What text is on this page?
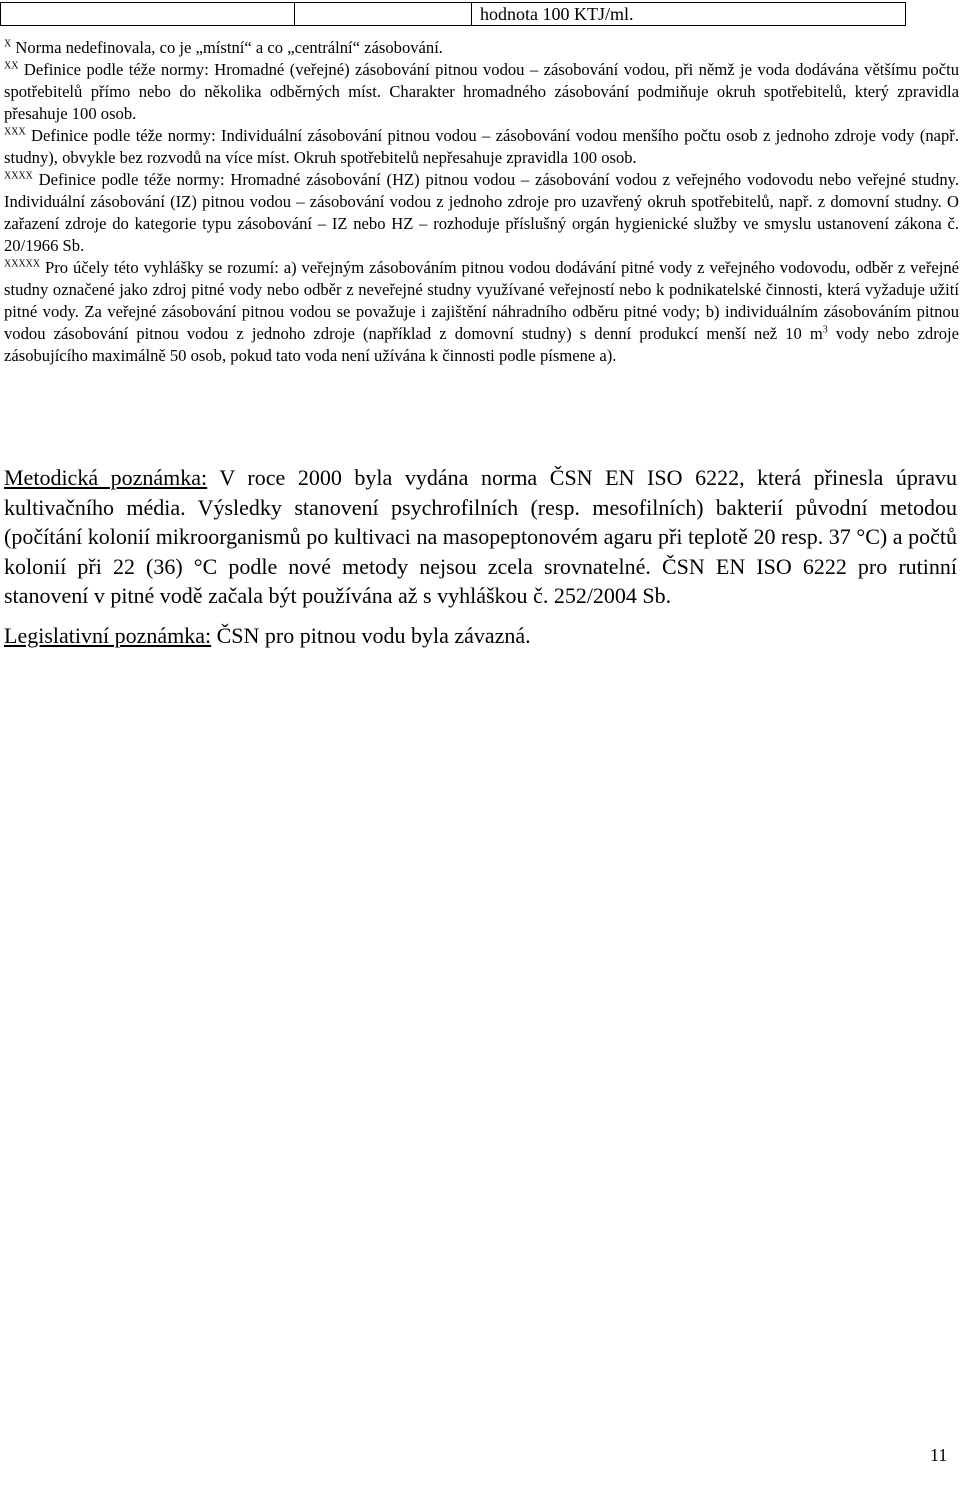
		hodnota 100 KTJ/ml.

$^X$ Norma nedefinovala, co je „místní“ a co „centrální“ zásobování.

$^{XX}$ Definice podle téže normy: Hromadné (veřejné) zásobování pitnou vodou – zásobování vodou, při němž je voda dodávána většímu počtu spotřebitelů přímo nebo do několika odběrných míst. Charakter hromadného zásobování podmiňuje okruh spotřebitelů, který zpravidla přesahuje 100 osob.

$^{XXX}$ Definice podle téže normy: Individuální zásobování pitnou vodou – zásobování vodou menšího počtu osob z jednoho zdroje vody (např. studny), obvykle bez rozvodů na více míst. Okruh spotřebitelů nepřesahuje zpravidla 100 osob.

$^{XXXX}$ Definice podle téže normy: Hromadné zásobování (HZ) pitnou vodou – zásobování vodou z veřejného vodovodu nebo veřejné studny. Individuální zásobování (IZ) pitnou vodou – zásobování vodou z jednoho zdroje pro uzavřený okruh spotřebitelů, např. z domovní studny. O zařazení zdroje do kategorie typu zásobování – IZ nebo HZ – rozhoduje příslušný orgán hygienické služby ve smyslu ustanovení zákona č. 20/1966 Sb.

$^{XXXXX}$ Pro účely této vyhlášky se rozumí: a) veřejným zásobováním pitnou vodou dodávání pitné vody z veřejného vodovodu, odběr z veřejné studny označené jako zdroj pitné vody nebo odběr z neveřejné studny využívané veřejností nebo k podnikatelské činnosti, která vyžaduje užití pitné vody. Za veřejné zásobování pitnou vodou se považuje i zajištění náhradního odběru pitné vody; b) individuálním zásobováním pitnou vodou zásobování pitnou vodou z jednoho zdroje (například z domovní studny) s denní produkcí menší než 10 $m^3$ vody nebo zdroje zásobujícího maximálně 50 osob, pokud tato voda není užívána k činnosti podle písmene a).

Metodická poznámka: V roce 2000 byla vydána norma ČSN EN ISO 6222, která přinesla úpravu kultivačního média. Výsledky stanovení psychrofilních (resp. mesofilních) bakterií původní metodou (počítání kolonií mikroorganismů po kultivaci na masopeptonovém agaru při teplotě 20 resp. 37 °C) a počtů kolonií při 22 (36) °C podle nové metody nejsou zcela srovnatelné. ČSN EN ISO 6222 pro rutinní stanovení v pitné vodě začala být používána až s vyhláškou č. 252/2004 Sb.

Legislativní poznámka: ČSN pro pitnou vodu byla závazná.
11
